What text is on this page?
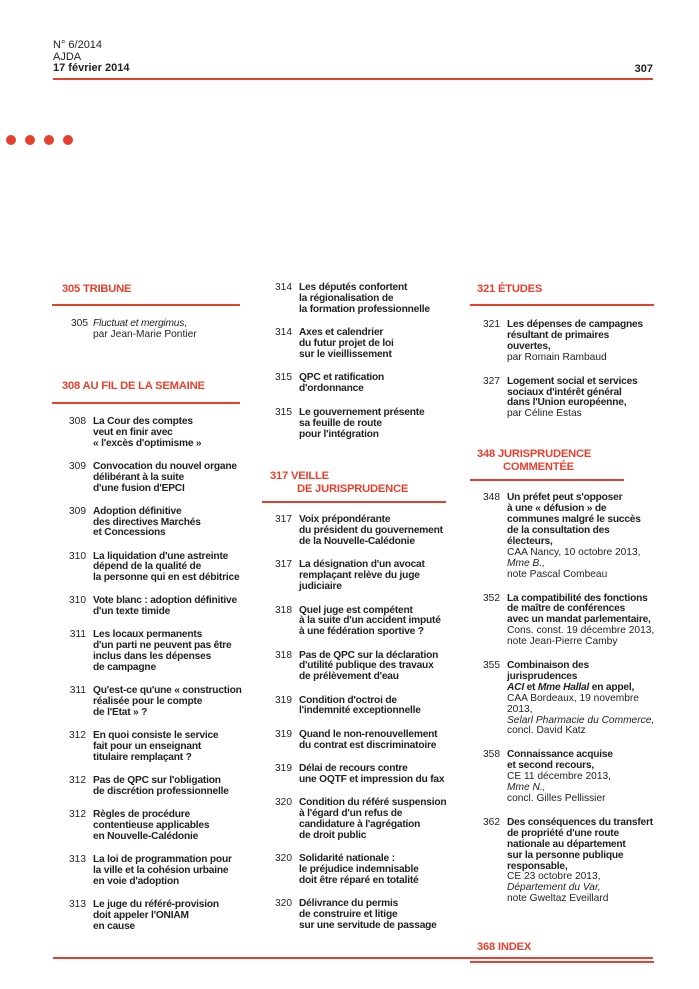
N° 6/2014
AJDA
17 février 2014	307
305 TRIBUNE
305 Fluctuat et mergimus,
par Jean-Marie Pontier
308 AU FIL DE LA SEMAINE
308 La Cour des comptes
veut en finir avec
« l'excès d'optimisme »
309 Convocation du nouvel organe
délibérant à la suite
d'une fusion d'EPCI
309 Adoption définitive
des directives Marchés
et Concessions
310 La liquidation d'une astreinte
dépend de la qualité de
la personne qui en est débitrice
310 Vote blanc : adoption définitive
d'un texte timide
311 Les locaux permanents
d'un parti ne peuvent pas être
inclus dans les dépenses
de campagne
311 Qu'est-ce qu'une « construction
réalisée pour le compte
de l'Etat » ?
312 En quoi consiste le service
fait pour un enseignant
titulaire remplaçant ?
312 Pas de QPC sur l'obligation
de discrétion professionnelle
312 Règles de procédure
contentieuse applicables
en Nouvelle-Calédonie
313 La loi de programmation pour
la ville et la cohésion urbaine
en voie d'adoption
313 Le juge du référé-provision
doit appeler l'ONIAM
en cause
314 Les députés confortent
la régionalisation de
la formation professionnelle
314 Axes et calendrier
du futur projet de loi
sur le vieillissement
315 QPC et ratification
d'ordonnance
315 Le gouvernement présente
sa feuille de route
pour l'intégration
317 VEILLE
DE JURISPRUDENCE
317 Voix prépondérante
du président du gouvernement
de la Nouvelle-Calédonie
317 La désignation d'un avocat
remplaçant relève du juge
judiciaire
318 Quel juge est compétent
à la suite d'un accident imputé
à une fédération sportive ?
318 Pas de QPC sur la déclaration
d'utilité publique des travaux
de prélèvement d'eau
319 Condition d'octroi de
l'indemnité exceptionnelle
319 Quand le non-renouvellement
du contrat est discriminatoire
319 Délai de recours contre
une OQTF et impression du fax
320 Condition du référé suspension
à l'égard d'un refus de
candidature à l'agrégation
de droit public
320 Solidarité nationale :
le préjudice indemnisable
doit être réparé en totalité
320 Délivrance du permis
de construire et litige
sur une servitude de passage
321 ÉTUDES
321 Les dépenses de campagnes
résultant de primaires ouvertes,
par Romain Rambaud
327 Logement social et services
sociaux d'intérêt général
dans l'Union européenne,
par Céline Estas
348 JURISPRUDENCE
COMMENTÉE
348 Un préfet peut s'opposer
à une « défusion » de
communes malgré le succès
de la consultation des électeurs,
CAA Nancy, 10 octobre 2013,
Mme B.,
note Pascal Combeau
352 La compatibilité des fonctions
de maître de conférences
avec un mandat parlementaire,
Cons. const. 19 décembre 2013,
note Jean-Pierre Camby
355 Combinaison des jurisprudences
ACI et Mme Hallal en appel,
CAA Bordeaux, 19 novembre 2013,
Selarl Pharmacie du Commerce,
concl. David Katz
358 Connaissance acquise
et second recours,
CE 11 décembre 2013,
Mme N.,
concl. Gilles Pellissier
362 Des conséquences du transfert
de propriété d'une route
nationale au département
sur la personne publique
responsable,
CE 23 octobre 2013,
Département du Var,
note Gweltaz Eveillard
368 INDEX
